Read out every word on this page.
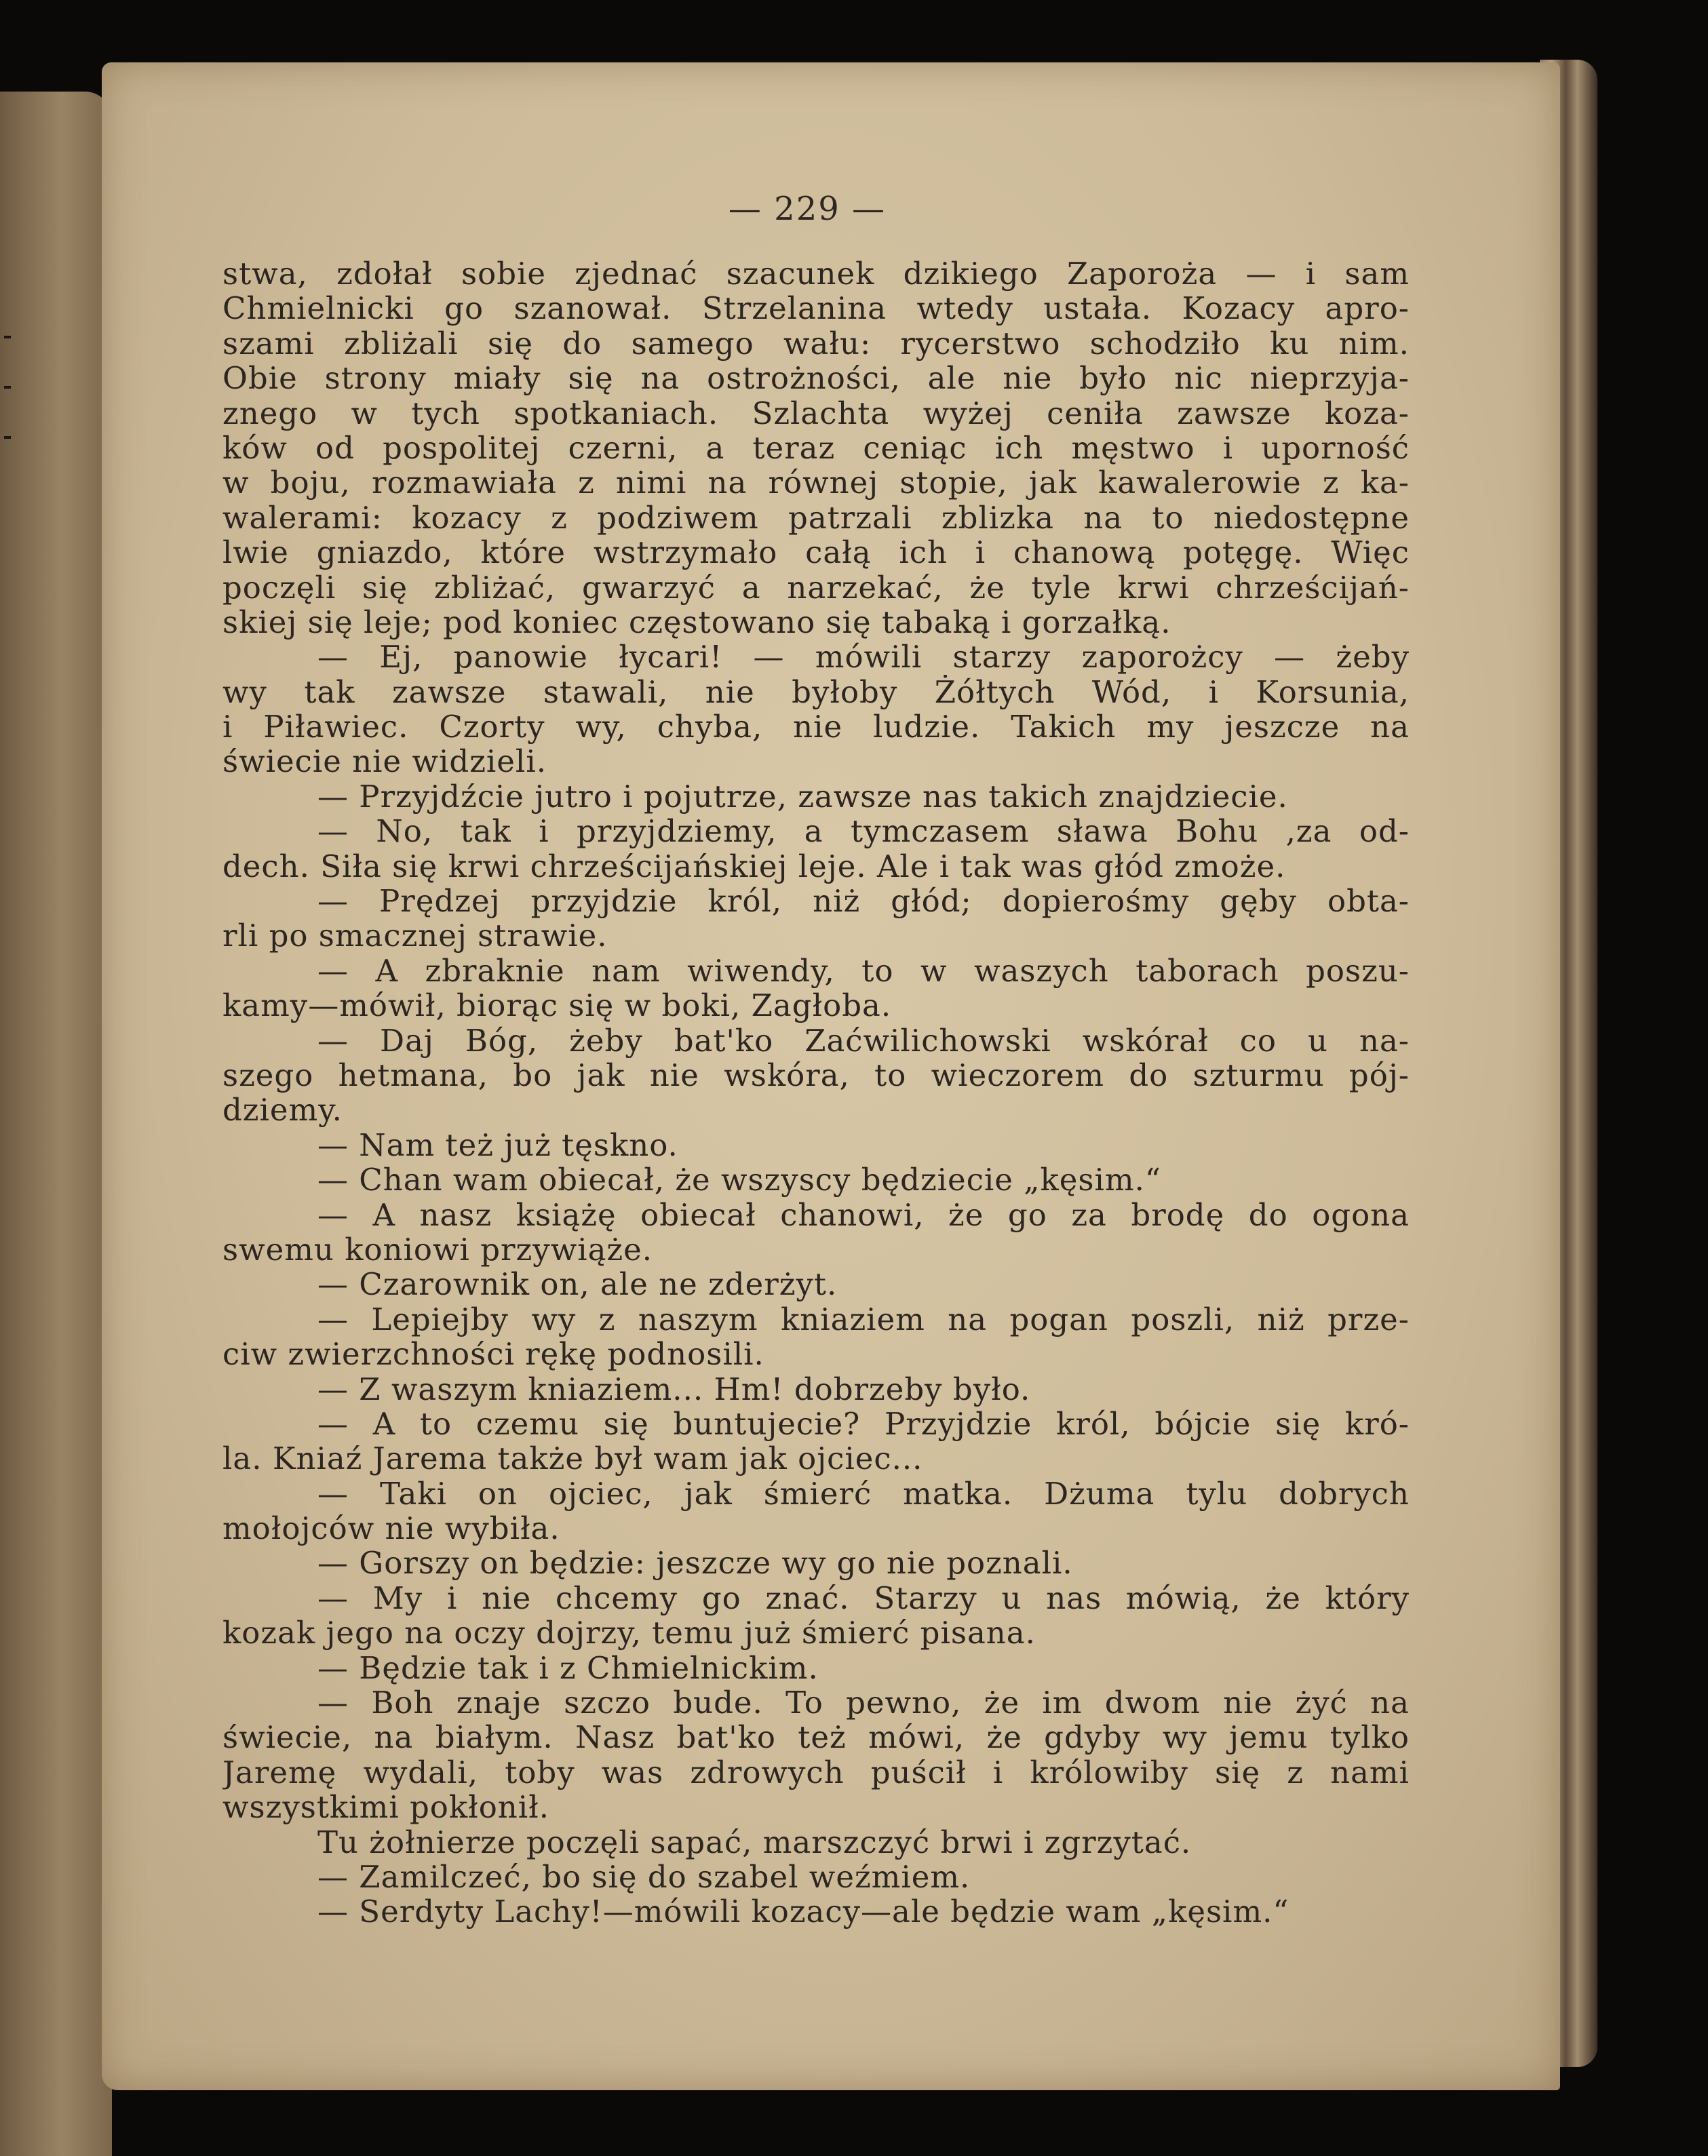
— 229 —
stwa, zdołał sobie zjednać szacunek dzikiego Zaporoża — i sam
Chmielnicki go szanował. Strzelanina wtedy ustała. Kozacy apro-
szami zbliżali się do samego wału: rycerstwo schodziło ku nim.
Obie strony miały się na ostrożności, ale nie było nic nieprzyja-
znego w tych spotkaniach. Szlachta wyżej ceniła zawsze koza-
ków od pospolitej czerni, a teraz ceniąc ich męstwo i uporność
w boju, rozmawiała z nimi na równej stopie, jak kawalerowie z ka-
walerami: kozacy z podziwem patrzali zblizka na to niedostępne
lwie gniazdo, które wstrzymało całą ich i chanową potęgę. Więc
poczęli się zbliżać, gwarzyć a narzekać, że tyle krwi chrześcijań-
skiej się leje; pod koniec częstowano się tabaką i gorzałką.
— Ej, panowie łycari! — mówili starzy zaporożcy — żeby
wy tak zawsze stawali, nie byłoby Żółtych Wód, i Korsunia,
i Piławiec. Czorty wy, chyba, nie ludzie. Takich my jeszcze na
świecie nie widzieli.
— Przyjdźcie jutro i pojutrze, zawsze nas takich znajdziecie.
— No, tak i przyjdziemy, a tymczasem sława Bohu ,za od-
dech. Siła się krwi chrześcijańskiej leje. Ale i tak was głód zmoże.
— Prędzej przyjdzie król, niż głód; dopierośmy gęby obta-
rli po smacznej strawie.
— A zbraknie nam wiwendy, to w waszych taborach poszu-
kamy—mówił, biorąc się w boki, Zagłoba.
— Daj Bóg, żeby bat'ko Zaćwilichowski wskórał co u na-
szego hetmana, bo jak nie wskóra, to wieczorem do szturmu pój-
dziemy.
— Nam też już tęskno.
— Chan wam obiecał, że wszyscy będziecie „kęsim.“
— A nasz książę obiecał chanowi, że go za brodę do ogona
swemu koniowi przywiąże.
— Czarownik on, ale ne zderżyt.
— Lepiejby wy z naszym kniaziem na pogan poszli, niż prze-
ciw zwierzchności rękę podnosili.
— Z waszym kniaziem... Hm! dobrzeby było.
— A to czemu się buntujecie? Przyjdzie król, bójcie się kró-
la. Kniaź Jarema także był wam jak ojciec...
— Taki on ojciec, jak śmierć matka. Dżuma tylu dobrych
mołojców nie wybiła.
— Gorszy on będzie: jeszcze wy go nie poznali.
— My i nie chcemy go znać. Starzy u nas mówią, że który
kozak jego na oczy dojrzy, temu już śmierć pisana.
— Będzie tak i z Chmielnickim.
— Boh znaje szczo bude. To pewno, że im dwom nie żyć na
świecie, na białym. Nasz bat'ko też mówi, że gdyby wy jemu tylko
Jaremę wydali, toby was zdrowych puścił i królowiby się z nami
wszystkimi pokłonił.
Tu żołnierze poczęli sapać, marszczyć brwi i zgrzytać.
— Zamilczeć, bo się do szabel weźmiem.
— Serdyty Lachy!—mówili kozacy—ale będzie wam „kęsim.“
